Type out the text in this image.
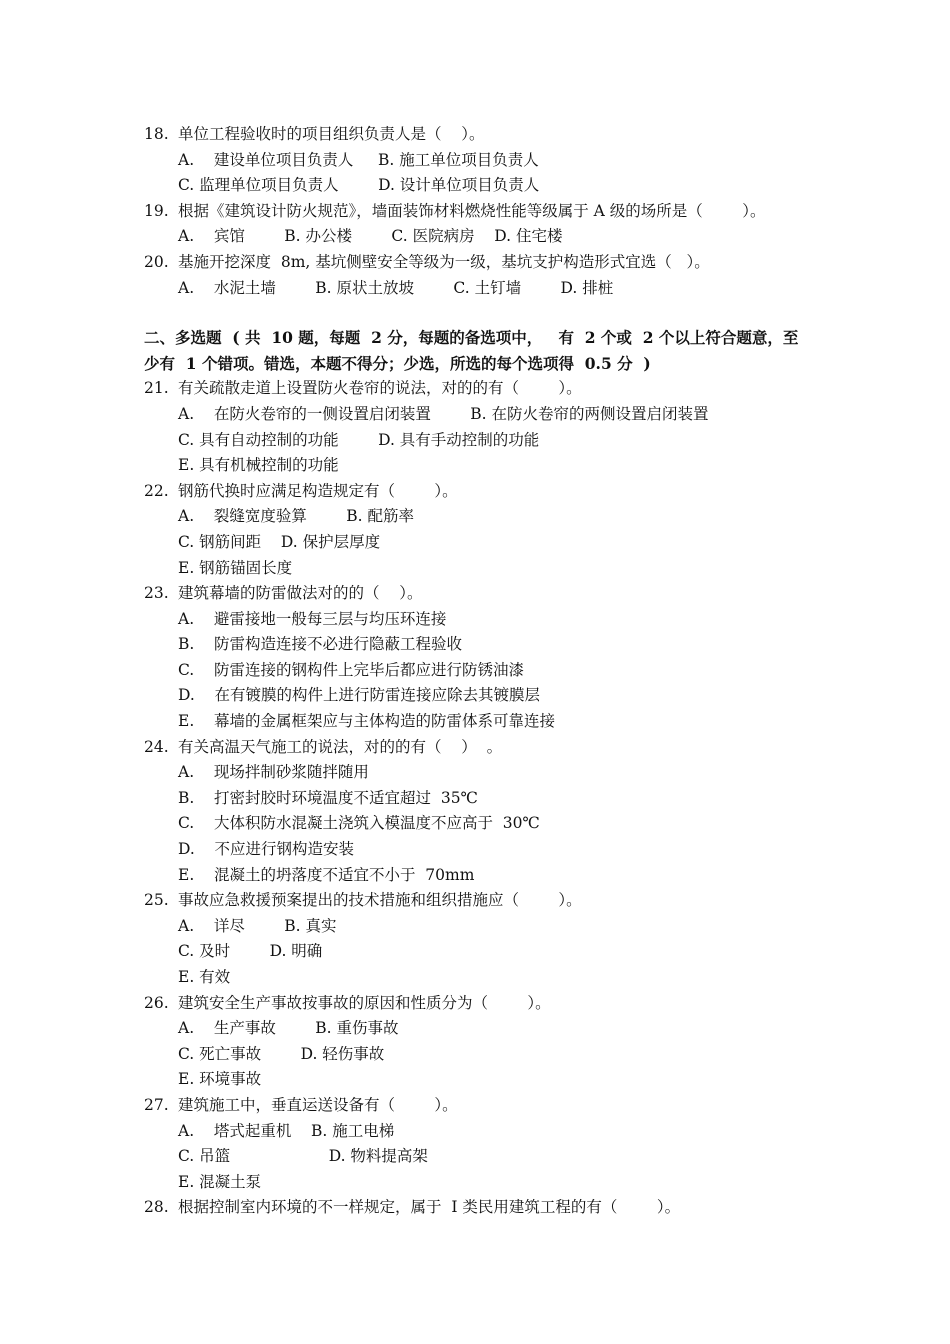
18. 单位工程验收时的项目组织负责人是（    ）。
A.    建设单位项目负责人     B. 施工单位项目负责人
C. 监理单位项目负责人        D. 设计单位项目负责人
19. 根据《建筑设计防火规范》，墙面装饰材料燃烧性能等级属于 A 级的场所是（        ）。
A.    宾馆        B. 办公楼        C. 医院病房    D. 住宅楼
20. 基施开挖深度  8m, 基坑侧壁安全等级为一级，基坑支护构造形式宜选（   ）。
A.    水泥土墙        B. 原状土放坡        C. 土钉墙        D. 排桩
二、多选题  ( 共  10 题，每题  2 分，每题的备选项中，   有  2 个或  2 个以上符合题意，至
少有  1 个错项。错选，本题不得分；少选，所选的每个选项得  0.5 分  )
21. 有关疏散走道上设置防火卷帘的说法，对的的有（        ）。
A.    在防火卷帘的一侧设置启闭装置        B. 在防火卷帘的两侧设置启闭装置
C. 具有自动控制的功能        D. 具有手动控制的功能
E. 具有机械控制的功能
22. 钢筋代换时应满足构造规定有（        ）。
A.    裂缝宽度验算        B. 配筋率
C. 钢筋间距    D. 保护层厚度
E. 钢筋锚固长度
23. 建筑幕墙的防雷做法对的的（    ）。
A.    避雷接地一般每三层与均压环连接
B.    防雷构造连接不必进行隐蔽工程验收
C.    防雷连接的钢构件上完毕后都应进行防锈油漆
D.    在有镀膜的构件上进行防雷连接应除去其镀膜层
E.    幕墙的金属框架应与主体构造的防雷体系可靠连接
24. 有关高温天气施工的说法，对的的有（    ）  。
A.    现场拌制砂浆随拌随用
B.    打密封胶时环境温度不适宜超过  35℃
C.    大体积防水混凝土浇筑入模温度不应高于  30℃
D.    不应进行钢构造安装
E.    混凝土的坍落度不适宜不小于  70mm
25. 事故应急救援预案提出的技术措施和组织措施应（        ）。
A.    详尽        B. 真实
C. 及时        D. 明确
E. 有效
26. 建筑安全生产事故按事故的原因和性质分为（        ）。
A.    生产事故        B. 重伤事故
C. 死亡事故        D. 轻伤事故
E. 环境事故
27. 建筑施工中，垂直运送设备有（        ）。
A.    塔式起重机    B. 施工电梯
C. 吊篮                    D. 物料提高架
E. 混凝土泵
28. 根据控制室内环境的不一样规定，属于  I 类民用建筑工程的有（        ）。
